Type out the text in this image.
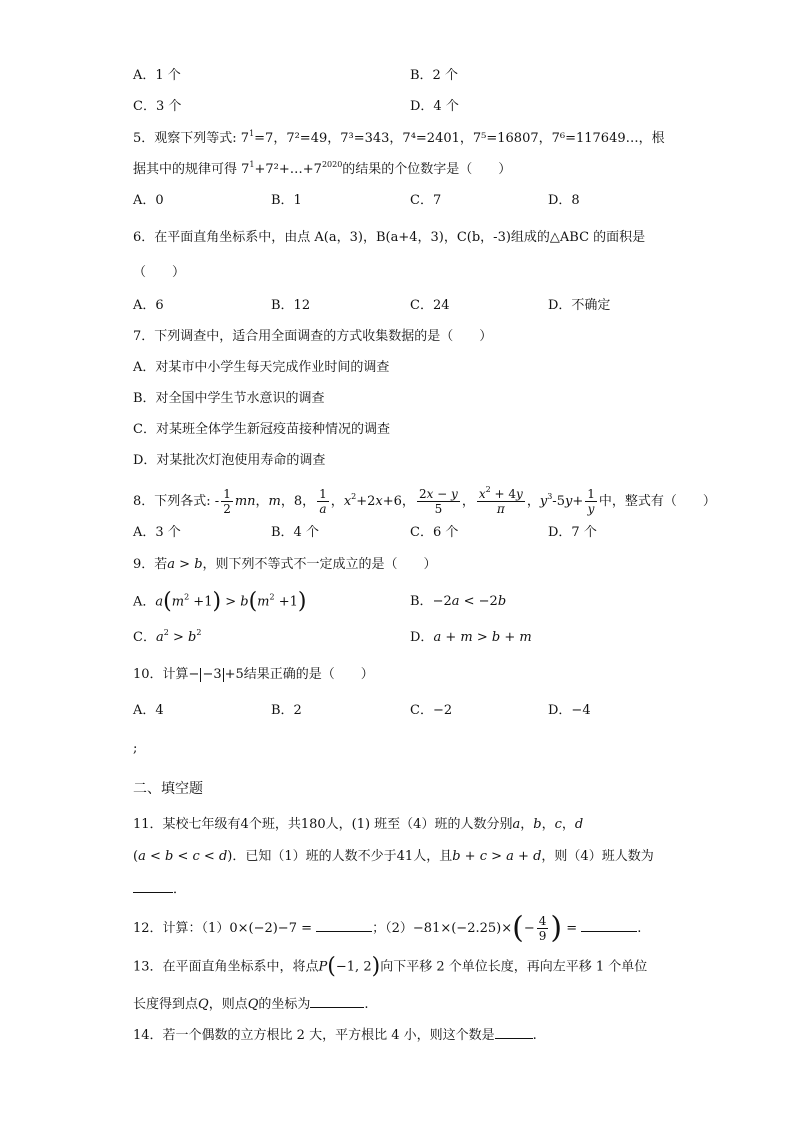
A．1 个	B．2 个
C．3 个	D．4 个
5．观察下列等式: $7^1=7$，7²=49，7³=343，7⁴=2401，7⁵=16807，7⁶=117649…，根
据其中的规律可得 $7^1+7^2+\dots+7^{2020}$的结果的个位数字是（　　）
A．0	B．1	C．7	D．8
6．在平面直角坐标系中，由点 A(a，3)，B(a+4，3)，C(b，-3)组成的△ABC 的面积是
（　　）
A．6	B．12	C．24	D．不确定
7．下列调查中，适合用全面调查的方式收集数据的是（　　）
A．对某市中小学生每天完成作业时间的调查
B．对全国中学生节水意识的调查
C．对某班全体学生新冠疫苗接种情况的调查
D．对某批次灯泡使用寿命的调查
8．下列各式: - $\frac{1}{2}$ mn，m，8， $\frac{1}{a}$ ，$x^2+2x+6$， $\frac{2x - y}{5}$ ， $\frac{x^2 + 4y}{\pi}$ ，$y^3-5y+ \frac{1}{y}$ 中，整式有（　　）
A．3 个	B．4 个	C．6 个	D．7 个
9．若a > b，则下列不等式不一定成立的是（　　）
A．$a(m^2 +1) > b(m^2 +1)$	B．−2a < −2b
C．$a^2 > b^2$	D．a + m > b + m
10．计算− −3 +5结果正确的是（　　）
A．4	B．2	C．−2	D．−4
;
二、填空题
11．某校七年级有4个班，共180人，(1) 班至（4）班的人数分别a，b，c，d
(a < b < c < d)．已知（1）班的人数不少于41人，且b + c > a + d，则（4）班人数为
．
12．计算：（1）0×(−2)−7 =	；$(2)-81\times(-2.25)\times(- \frac{4}{9}$ ) =	.
13．在平面直角坐标系中，将点P(−1, 2)向下平移 2 个单位长度，再向左平移 1 个单位
长度得到点Q，则点Q的坐标为	.
14．若一个偶数的立方根比 2 大，平方根比 4 小，则这个数是	.
